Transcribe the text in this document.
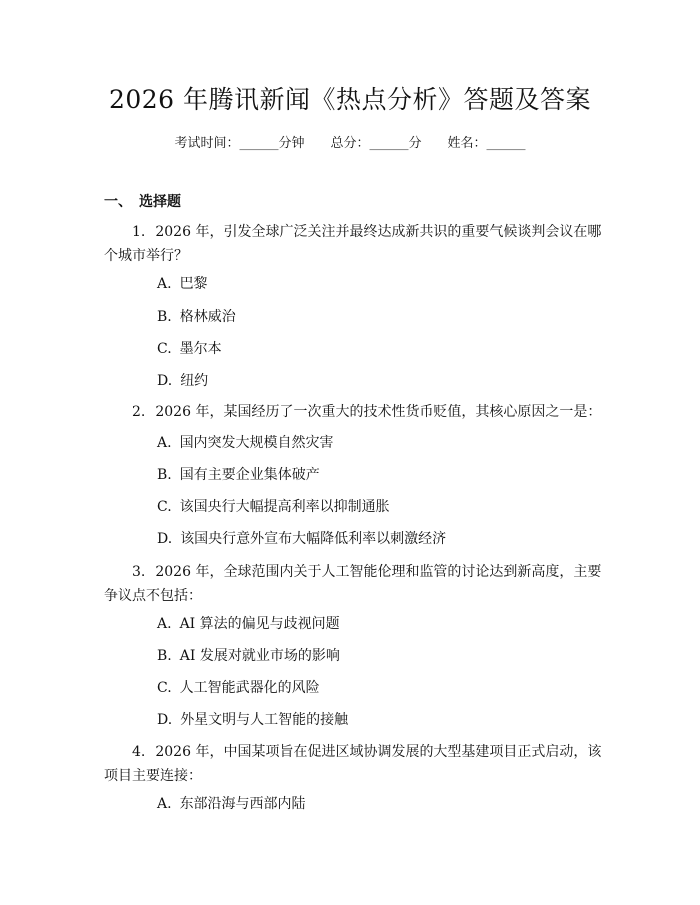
2026 年腾讯新闻《热点分析》答题及答案
考试时间：______分钟　　总分：______分　　姓名：______
一、　选择题
1. 2026 年，引发全球广泛关注并最终达成新共识的重要气候谈判会议在哪个城市举行？
A. 巴黎
B. 格林威治
C. 墨尔本
D. 纽约
2. 2026 年，某国经历了一次重大的技术性货币贬值，其核心原因之一是：
A. 国内突发大规模自然灾害
B. 国有主要企业集体破产
C. 该国央行大幅提高利率以抑制通胀
D. 该国央行意外宣布大幅降低利率以刺激经济
3. 2026 年，全球范围内关于人工智能伦理和监管的讨论达到新高度，主要争议点不包括：
A. AI 算法的偏见与歧视问题
B. AI 发展对就业市场的影响
C. 人工智能武器化的风险
D. 外星文明与人工智能的接触
4. 2026 年，中国某项旨在促进区域协调发展的大型基建项目正式启动，该项目主要连接：
A. 东部沿海与西部内陆
